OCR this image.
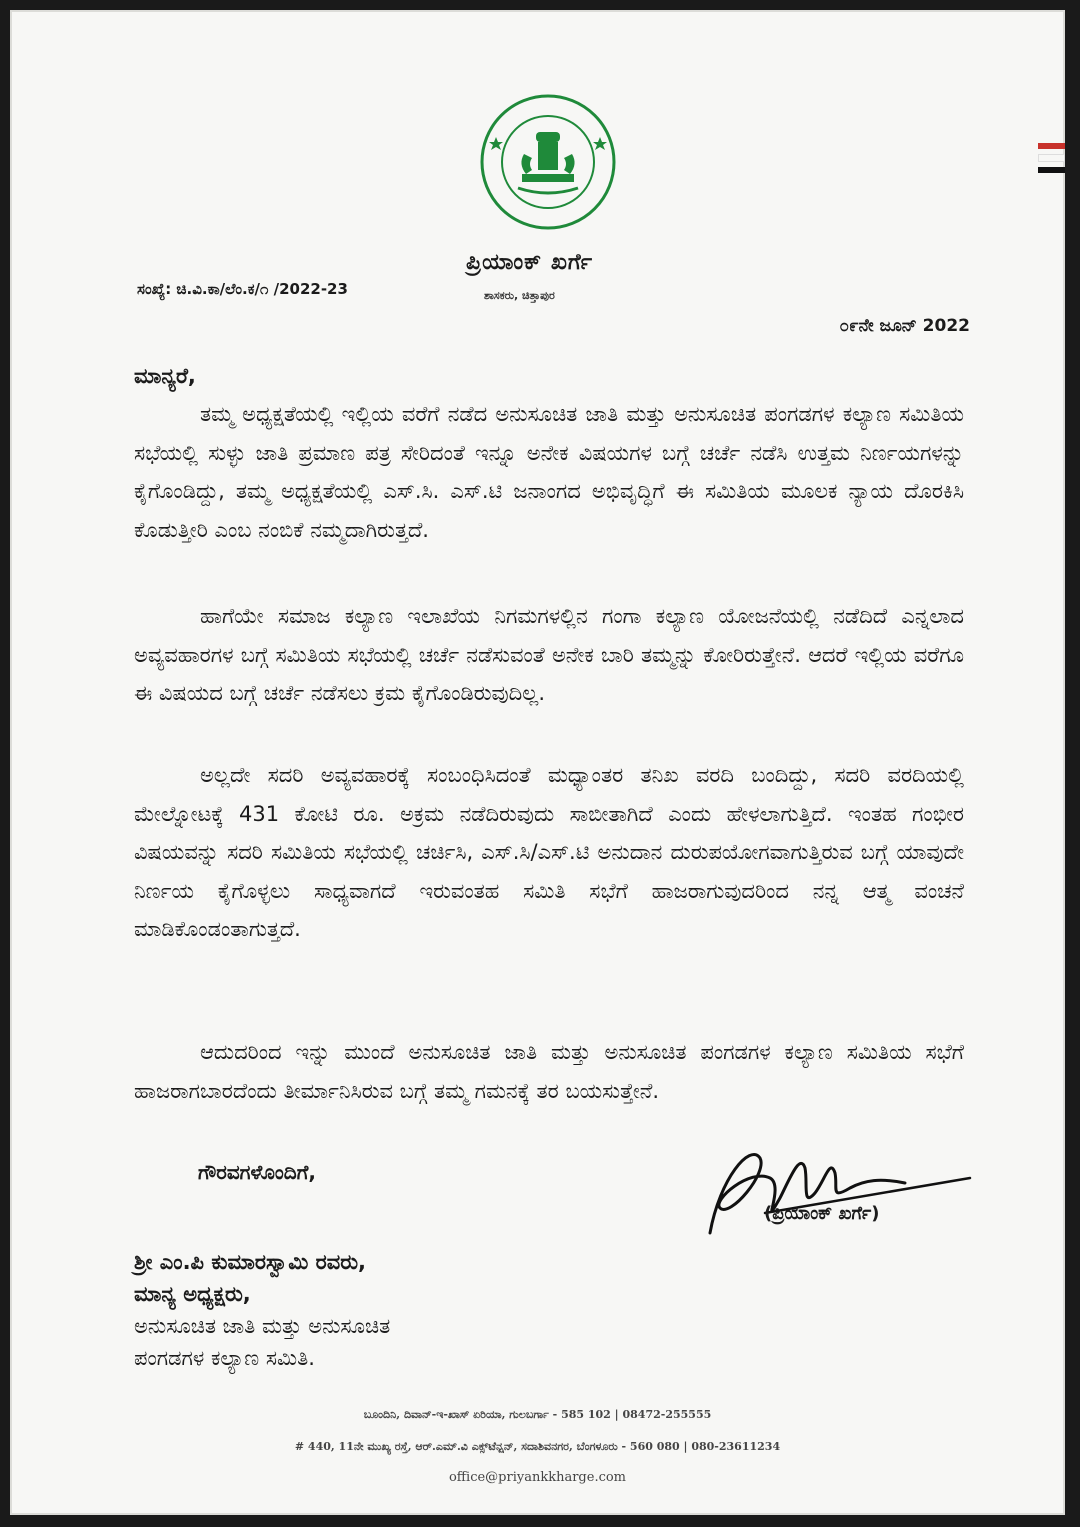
ಪ್ರಿಯಾಂಕ್ ಖರ್ಗೆ
ಶಾಸಕರು, ಚಿತ್ತಾಪುರ
ಸಂಖ್ಯೆ: ಚಿ.ವಿ.ಕಾ/ಲೆಂ.ಕ/೧ /2022-23
೦೯ನೇ ಜೂನ್ 2022
ಮಾನ್ಯರೆ,

ತಮ್ಮ ಅಧ್ಯಕ್ಷತೆಯಲ್ಲಿ ಇಲ್ಲಿಯ ವರೆಗೆ ನಡೆದ ಅನುಸೂಚಿತ ಜಾತಿ ಮತ್ತು ಅನುಸೂಚಿತ ಪಂಗಡಗಳ ಕಲ್ಯಾಣ ಸಮಿತಿಯ ಸಭೆಯಲ್ಲಿ ಸುಳ್ಳು ಜಾತಿ ಪ್ರಮಾಣ ಪತ್ರ ಸೇರಿದಂತೆ ಇನ್ನೂ ಅನೇಕ ವಿಷಯಗಳ ಬಗ್ಗೆ ಚರ್ಚೆ ನಡೆಸಿ ಉತ್ತಮ ನಿರ್ಣಯಗಳನ್ನು ಕೈಗೊಂಡಿದ್ದು, ತಮ್ಮ ಅಧ್ಯಕ್ಷತೆಯಲ್ಲಿ ಎಸ್.ಸಿ. ಎಸ್.ಟಿ ಜನಾಂಗದ ಅಭಿವೃದ್ಧಿಗೆ ಈ ಸಮಿತಿಯ ಮೂಲಕ ನ್ಯಾಯ ದೊರಕಿಸಿ ಕೊಡುತ್ತೀರಿ ಎಂಬ ನಂಬಿಕೆ ನಮ್ಮದಾಗಿರುತ್ತದೆ.

ಹಾಗೆಯೇ ಸಮಾಜ ಕಲ್ಯಾಣ ಇಲಾಖೆಯ ನಿಗಮಗಳಲ್ಲಿನ ಗಂಗಾ ಕಲ್ಯಾಣ ಯೋಜನೆಯಲ್ಲಿ ನಡೆದಿದೆ ಎನ್ನಲಾದ ಅವ್ಯವಹಾರಗಳ ಬಗ್ಗೆ ಸಮಿತಿಯ ಸಭೆಯಲ್ಲಿ ಚರ್ಚೆ ನಡೆಸುವಂತೆ ಅನೇಕ ಬಾರಿ ತಮ್ಮನ್ನು ಕೋರಿರುತ್ತೇನೆ. ಆದರೆ ಇಲ್ಲಿಯ ವರೆಗೂ ಈ ವಿಷಯದ ಬಗ್ಗೆ ಚರ್ಚೆ ನಡೆಸಲು ಕ್ರಮ ಕೈಗೊಂಡಿರುವುದಿಲ್ಲ.

ಅಲ್ಲದೇ ಸದರಿ ಅವ್ಯವಹಾರಕ್ಕೆ ಸಂಬಂಧಿಸಿದಂತೆ ಮಧ್ಯಾಂತರ ತನಿಖ ವರದಿ ಬಂದಿದ್ದು, ಸದರಿ ವರದಿಯಲ್ಲಿ ಮೇಲ್ನೋಟಕ್ಕೆ 431 ಕೋಟಿ ರೂ. ಅಕ್ರಮ ನಡೆದಿರುವುದು ಸಾಬೀತಾಗಿದೆ ಎಂದು ಹೇಳಲಾಗುತ್ತಿದೆ. ಇಂತಹ ಗಂಭೀರ ವಿಷಯವನ್ನು ಸದರಿ ಸಮಿತಿಯ ಸಭೆಯಲ್ಲಿ ಚರ್ಚಿಸಿ, ಎಸ್.ಸಿ/ಎಸ್.ಟಿ ಅನುದಾನ ದುರುಪಯೋಗವಾಗುತ್ತಿರುವ ಬಗ್ಗೆ ಯಾವುದೇ ನಿರ್ಣಯ ಕೈಗೊಳ್ಳಲು ಸಾಧ್ಯವಾಗದೆ ಇರುವಂತಹ ಸಮಿತಿ ಸಭೆಗೆ ಹಾಜರಾಗುವುದರಿಂದ ನನ್ನ ಆತ್ಮ ವಂಚನೆ ಮಾಡಿಕೊಂಡಂತಾಗುತ್ತದೆ.

ಆದುದರಿಂದ ಇನ್ನು ಮುಂದೆ ಅನುಸೂಚಿತ ಜಾತಿ ಮತ್ತು ಅನುಸೂಚಿತ ಪಂಗಡಗಳ ಕಲ್ಯಾಣ ಸಮಿತಿಯ ಸಭೆಗೆ ಹಾಜರಾಗಬಾರದೆಂದು ತೀರ್ಮಾನಿಸಿರುವ ಬಗ್ಗೆ ತಮ್ಮ ಗಮನಕ್ಕೆ ತರ ಬಯಸುತ್ತೇನೆ.

ಗೌರವಗಳೊಂದಿಗೆ,
(ಪ್ರಿಯಾಂಕ್ ಖರ್ಗೆ)
ಶ್ರೀ ಎಂ.ಪಿ ಕುಮಾರಸ್ವಾಮಿ ರವರು,
ಮಾನ್ಯ ಅಧ್ಯಕ್ಷರು,
ಅನುಸೂಚಿತ ಜಾತಿ ಮತ್ತು ಅನುಸೂಚಿತ
ಪಂಗಡಗಳ ಕಲ್ಯಾಣ ಸಮಿತಿ.
ಬೂಂದಿನಿ, ದಿವಾನ್-ಇ-ಖಾಸ್ ಏರಿಯಾ, ಗುಲಬರ್ಗಾ - 585 102 | 08472-255555
# 440, 11ನೇ ಮುಖ್ಯ ರಸ್ತೆ, ಆರ್.ಎಮ್.ವಿ ಎಕ್ಸ್‌ಟೆನ್ಷನ್, ಸದಾಶಿವನಗರ, ಬೆಂಗಳೂರು - 560 080 | 080-23611234
office@priyankkharge.com
